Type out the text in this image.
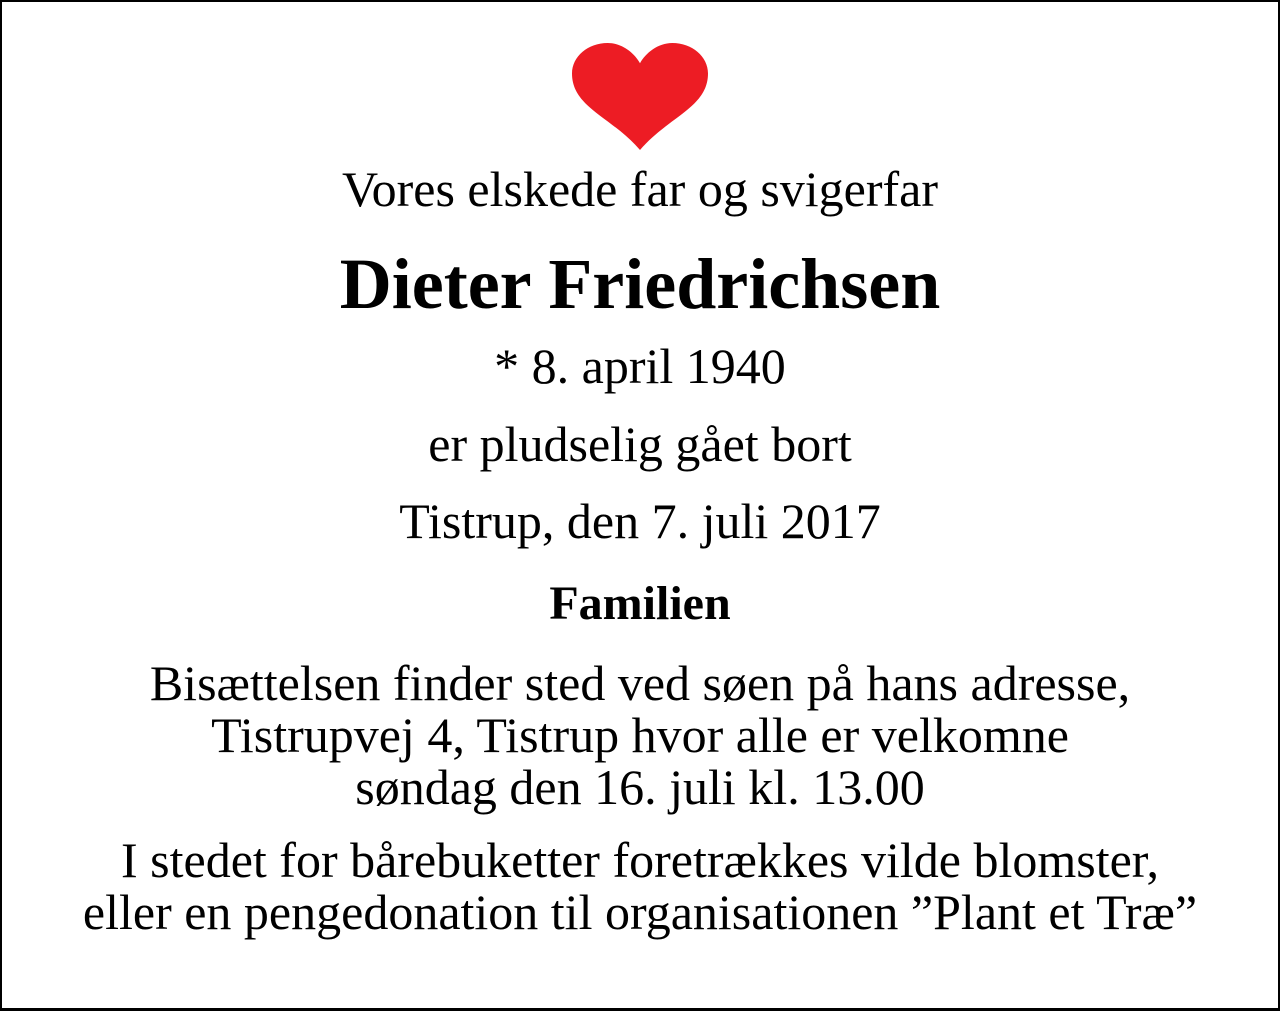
Vores elskede far og svigerfar
Dieter Friedrichsen
* 8. april 1940
er pludselig gået bort
Tistrup, den 7. juli 2017
Familien
Bisættelsen finder sted ved søen på hans adresse,
Tistrupvej 4, Tistrup hvor alle er velkomne
søndag den 16. juli kl. 13.00
I stedet for bårebuketter foretrækkes vilde blomster,
eller en pengedonation til organisationen ”Plant et Træ”
